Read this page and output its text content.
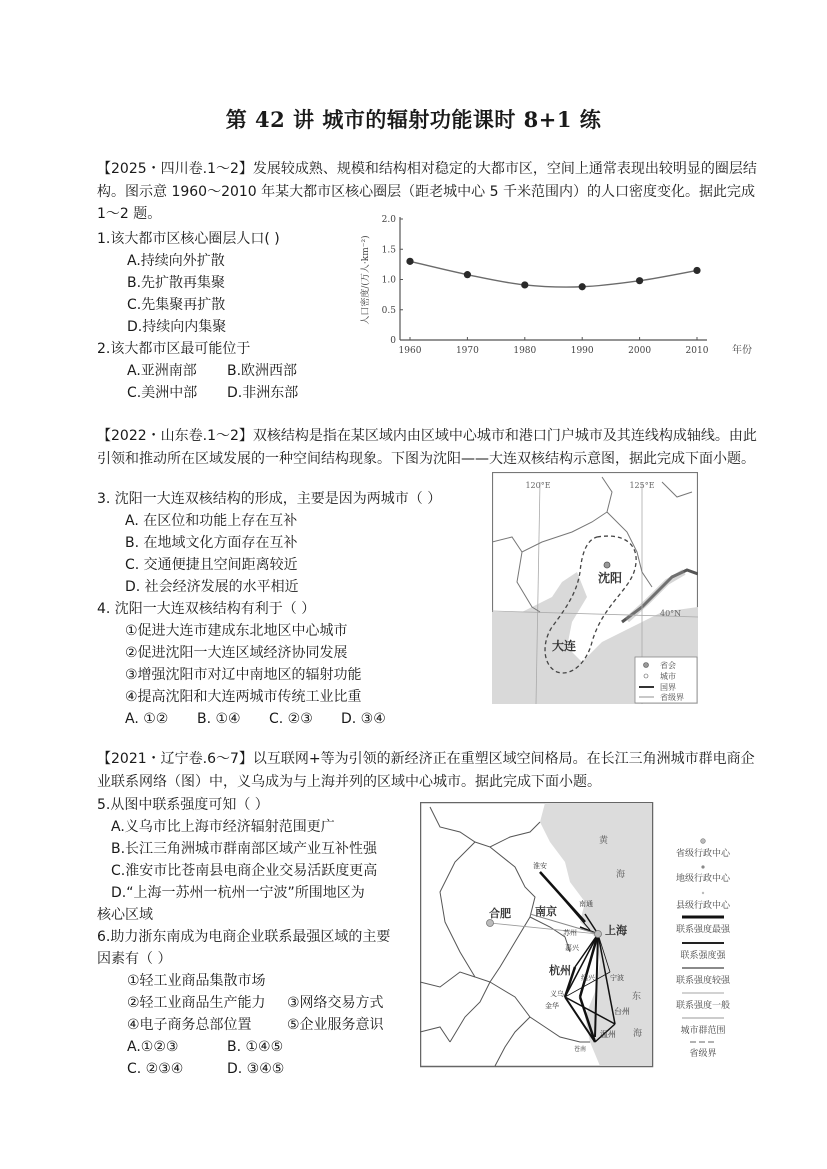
第 42 讲 城市的辐射功能课时 8+1 练
【2025・四川卷.1～2】发展较成熟、规模和结构相对稳定的大都市区，空间上通常表现出较明显的圈层结构。图示意 1960～2010 年某大都市区核心圈层（距老城中心 5 千米范围内）的人口密度变化。据此完成 1～2 题。
1.该大都市区核心圈层人口( )
A.持续向外扩散
B.先扩散再集聚
C.先集聚再扩散
D.持续向内集聚
2.该大都市区最可能位于
A.亚洲南部 B.欧洲西部
C.美洲中部 D.非洲东部
0
0.5
1.0
1.5
2.0
1960	1970	1980	1990	2000	2010
人口密度/(万人·km⁻²)
年份
【2022・山东卷.1～2】双核结构是指在某区域内由区域中心城市和港口门户城市及其连线构成轴线。由此引领和推动所在区域发展的一种空间结构现象。下图为沈阳——大连双核结构示意图，据此完成下面小题。
3. 沈阳一大连双核结构的形成，主要是因为两城市（ ）
A. 在区位和功能上存在互补
B. 在地域文化方面存在互补
C. 交通便捷且空间距离较近
D. 社会经济发展的水平相近
4. 沈阳一大连双核结构有利于（ ）
①促进大连市建成东北地区中心城市
②促进沈阳一大连区域经济协同发展
③增强沈阳市对辽中南地区的辐射功能
④提高沈阳和大连两城市传统工业比重
A. ①② B. ①④ C. ②③ D. ③④
沈阳
大连
120°E	125°E
40°N
省会
城市
国界
省级界
【2021・辽宁卷.6～7】以互联网+等为引领的新经济正在重塑区域空间格局。在长江三角洲城市群电商企业联系网络（图）中，义乌成为与上海并列的区域中心城市。据此完成下面小题。
5.从图中联系强度可知（ ）
A.义乌市比上海市经济辐射范围更广
B.长江三角洲城市群南部区域产业互补性强
C.淮安市比苍南县电商企业交易活跃度更高
D.“上海一苏州一杭州一宁波”所围地区为
核心区域
6.助力浙东南成为电商企业联系最强区域的主要
因素有（ ）
①轻工业商品集散市场
②轻工业商品生产能力 ③网络交易方式
④电子商务总部位置	⑤企业服务意识
A.①②③	B. ①④⑤
C. ②③④	D. ③④⑤
淮安
南通
合肥 南京
上海
苏州
嘉兴
杭州
绍兴 宁波
义乌
金华
台州
温州
苍南
黄
海
东
海
省级行政中心
地级行政中心
县级行政中心
联系强度最强
联系强度强
联系强度较强
联系强度一般
城市群范围
省级界
